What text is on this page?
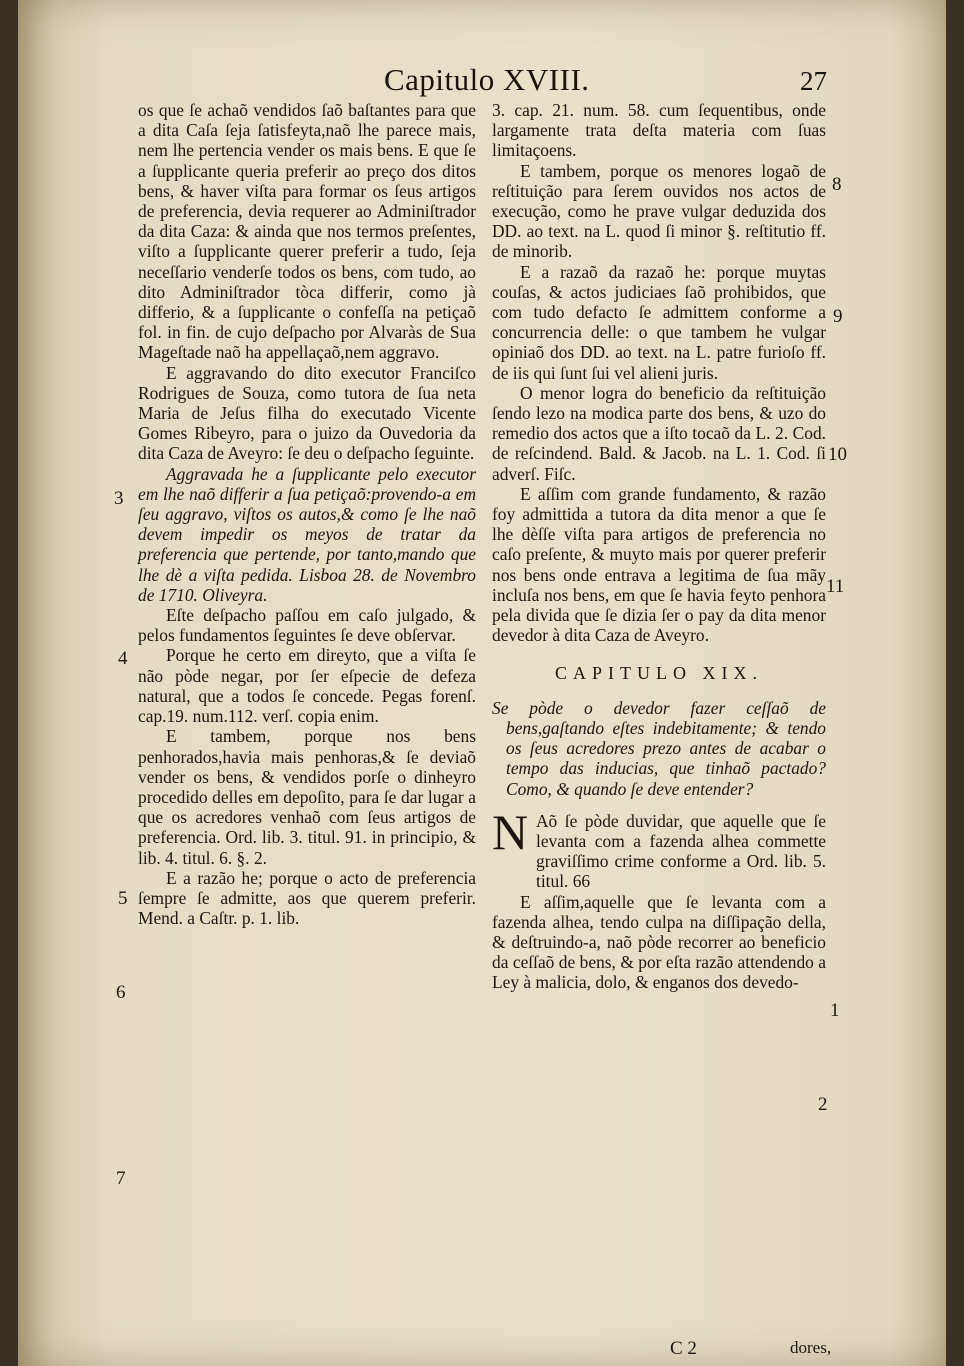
Capitulo XVIII.	27

os que ſe achaõ vendidos ſaõ baſtantes para que a dita Caſa ſeja ſatisfeyta,naõ lhe parece mais, nem lhe pertencia vender os mais bens. E que ſe a ſupplicante queria preferir ao preço dos ditos bens, & haver viſta para formar os ſeus artigos de preferencia, devia requerer ao Adminiſtrador da dita Caza: & ainda que nos termos preſentes, viſto a ſupplicante querer preferir a tudo, ſeja neceſſario venderſe todos os bens, com tudo, ao dito Adminiſtrador tòca differir, como jà differio, & a ſupplicante o confeſſa na petiçaõ fol. in fin. de cujo deſpacho por Alvaràs de Sua Mageſtade naõ ha appellaçaõ,nem aggravo.

E aggravando do dito executor Franciſco Rodrigues de Souza, como tutora de ſua neta Maria de Jeſus filha do executado Vicente Gomes Ribeyro, para o juizo da Ouvedoria da dita Caza de Aveyro: ſe deu o deſpacho ſeguinte.

Aggravada he a ſupplicante pelo executor em lhe naõ differir a ſua petiçaõ:provendo-a em ſeu aggravo, viſtos os autos,& como ſe lhe naõ devem impedir os meyos de tratar da preferencia que pertende, por tanto,mando que lhe dè a viſta pedida. Lisboa 28. de Novembro de 1710. Oliveyra.

Eſte deſpacho paſſou em caſo julgado, & pelos fundamentos ſeguintes ſe deve obſervar.

Porque he certo em direyto, que a viſta ſe não pòde negar, por ſer eſpecie de defeza natural, que a todos ſe concede. Pegas forenſ. cap.19. num.112. verſ. copia enim.

E tambem, porque nos bens penhorados,havia mais penhoras,& ſe deviaõ vender os bens, & vendidos porſe o dinheyro procedido delles em depoſito, para ſe dar lugar a que os acredores venhaõ com ſeus artigos de preferencia. Ord. lib. 3. titul. 91. in principio, & lib. 4. titul. 6. §. 2.

E a razão he; porque o acto de preferencia ſempre ſe admitte, aos que querem preferir. Mend. a Caſtr. p. 1. lib.

3
4
5
6
7

3. cap. 21. num. 58. cum ſequentibus, onde largamente trata deſta materia com ſuas limitaçoens.

E tambem, porque os menores logaõ de reſtituição para ſerem ouvidos nos actos de execução, como he prave vulgar deduzida dos DD. ao text. na L. quod ſi minor §. reſtitutio ff. de minorib.

E a razaõ da razaõ he: porque muytas couſas, & actos judiciaes ſaõ prohibidos, que com tudo defacto ſe admittem conforme a concurrencia delle: o que tambem he vulgar opiniaõ dos DD. ao text. na L. patre furioſo ff. de iis qui ſunt ſui vel alieni juris.

O menor logra do beneficio da reſtituição ſendo lezo na modica parte dos bens, & uzo do remedio dos actos que a iſto tocaõ da L. 2. Cod. de reſcindend. Bald. & Jacob. na L. 1. Cod. ſi adverſ. Fiſc.

E aſſim com grande fundamento, & razão foy admittida a tutora da dita menor a que ſe lhe dèſſe viſta para artigos de preferencia no caſo preſente, & muyto mais por querer preferir nos bens onde entrava a legitima de ſua mãy incluſa nos bens, em que ſe havia feyto penhora pela divida que ſe dizia ſer o pay da dita menor devedor à dita Caza de Aveyro.

CAPITULO XIX.

Se pòde o devedor fazer ceſſaõ de bens,gaſtando eſtes indebitamente; & tendo os ſeus acredores prezo antes de acabar o tempo das inducias, que tinhaõ pactado? Como, & quando ſe deve entender?

N Aõ ſe pòde duvidar, que aquelle que ſe levanta com a fazenda alhea commette graviſſimo crime conforme a Ord. lib. 5. titul. 66

E aſſim,aquelle que ſe levanta com a fazenda alhea, tendo culpa na diſſipação della, & deſtruindo-a, naõ pòde recorrer ao beneficio da ceſſaõ de bens, & por eſta razão attendendo a Ley à malicia, dolo, & enganos dos devedo-

8
9
10
11
1
2
C 2	dores,
